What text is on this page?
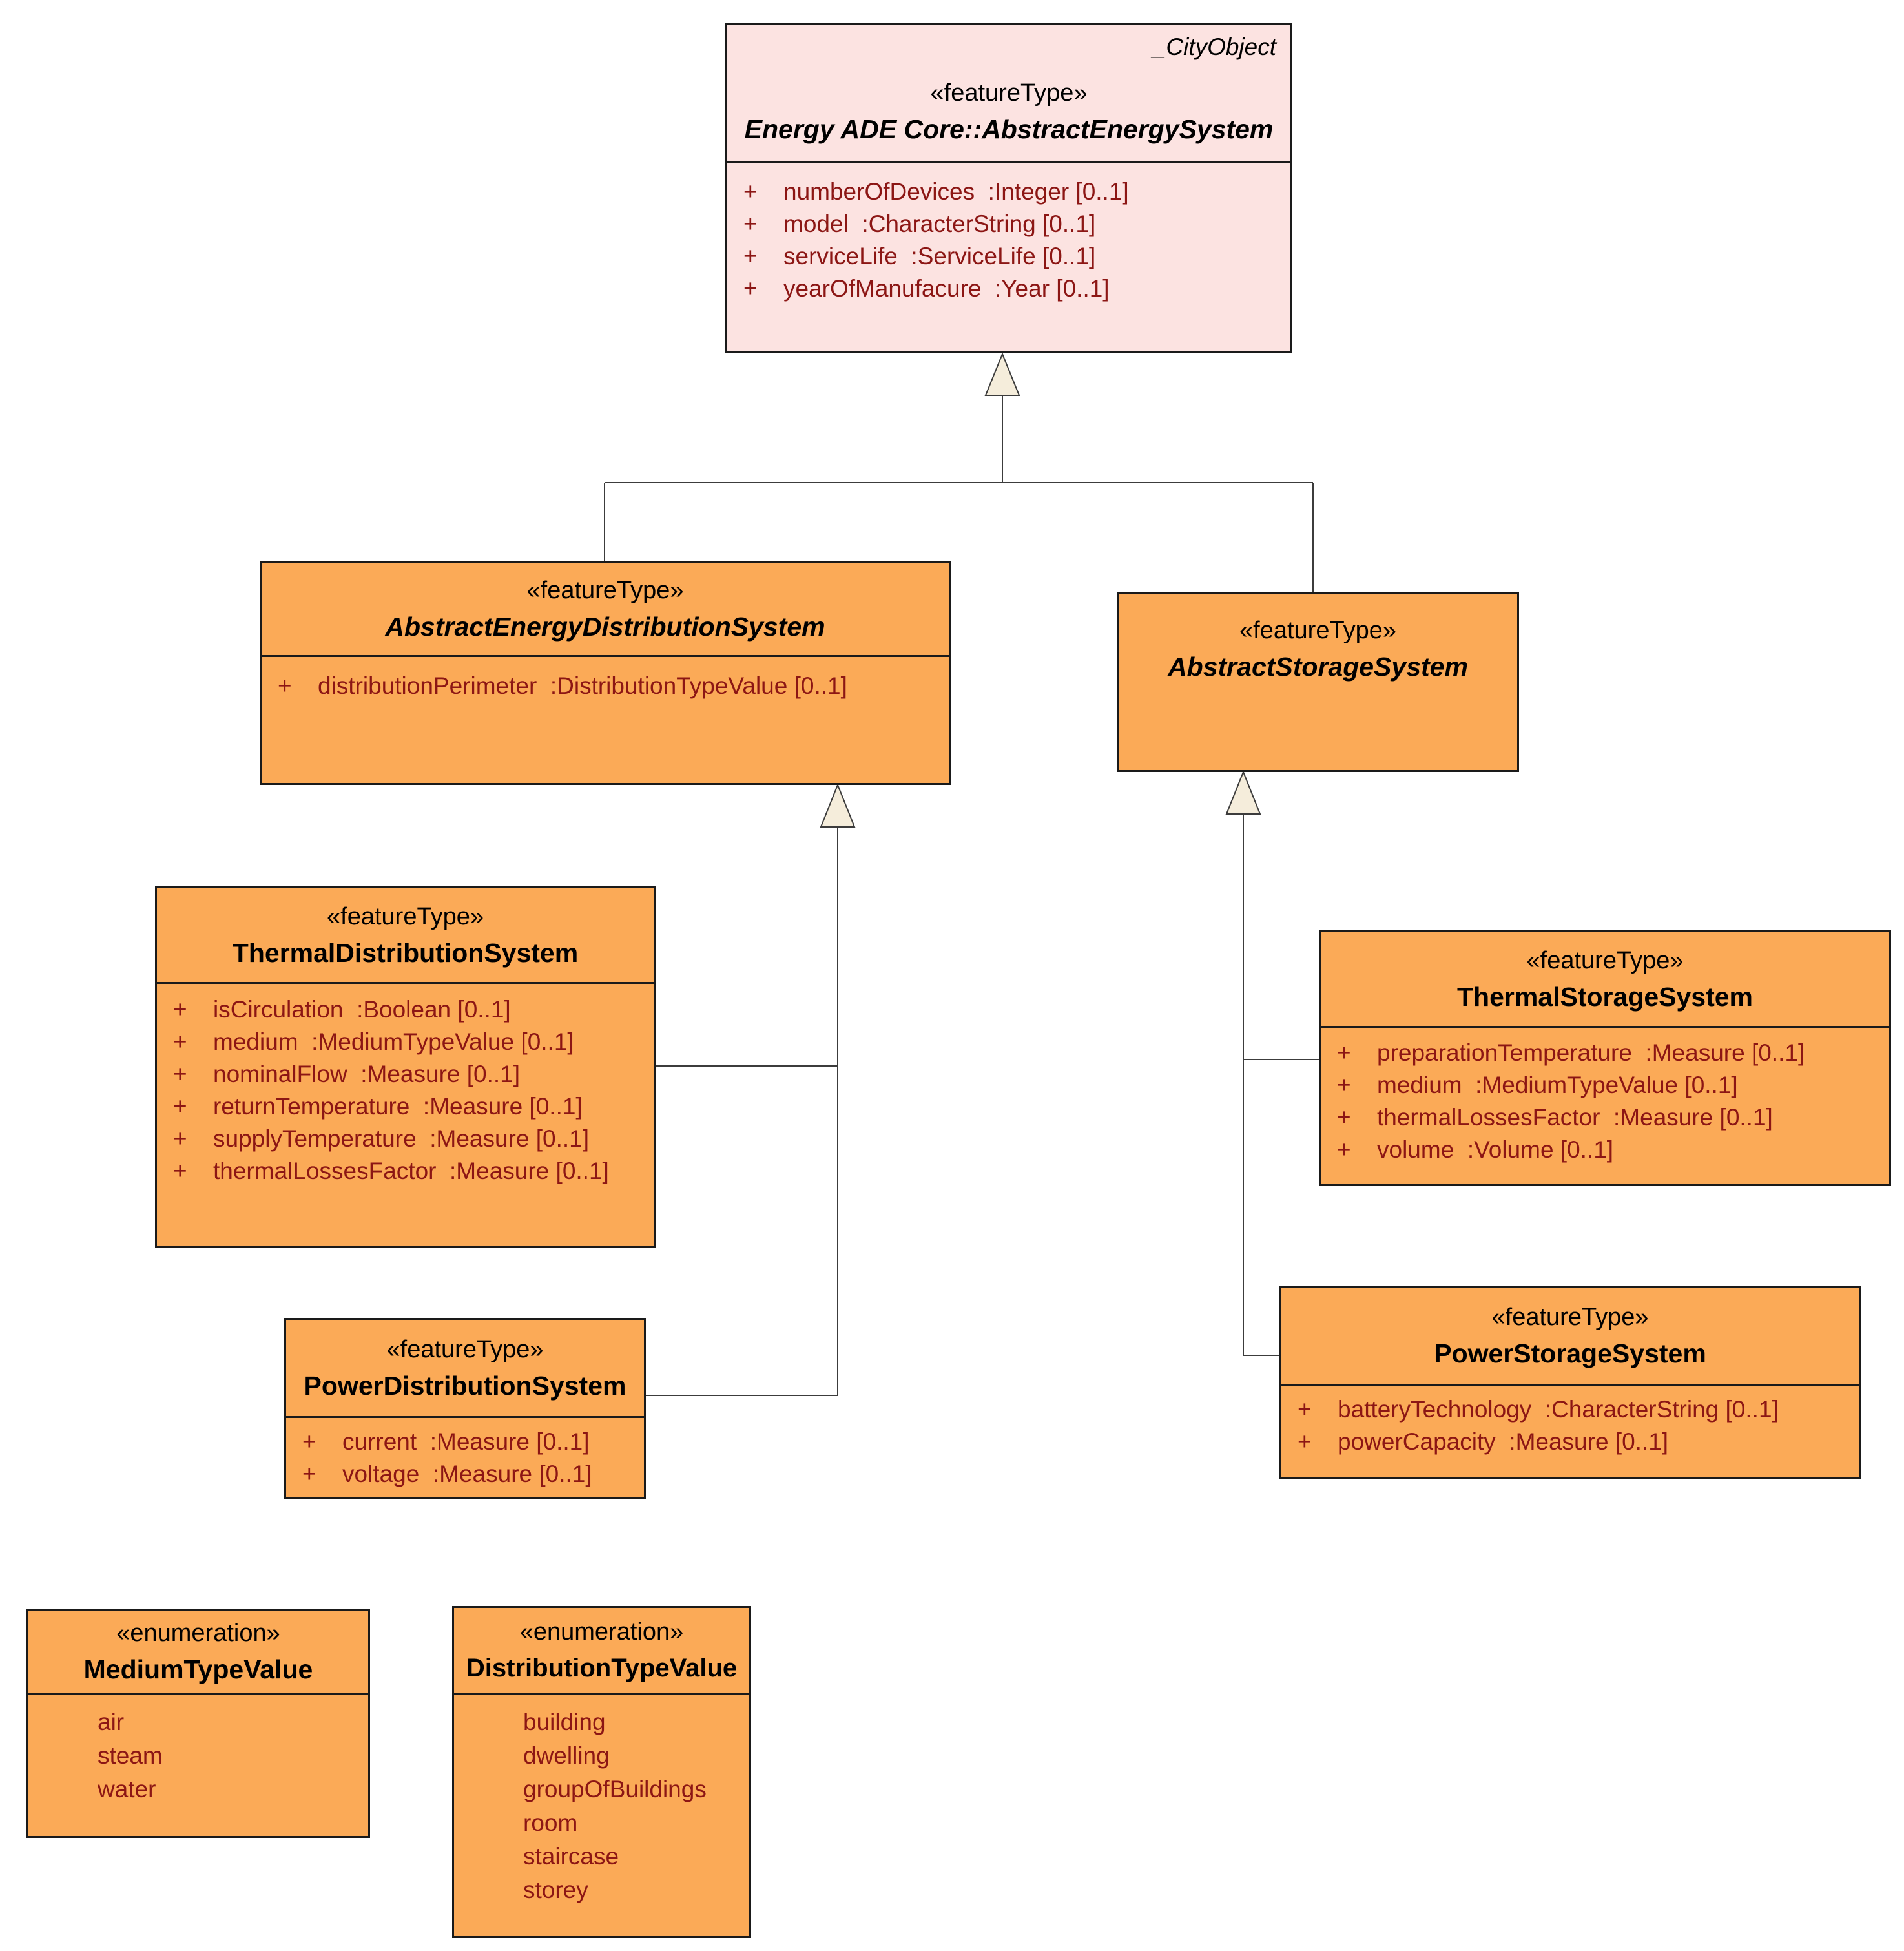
_CityObject
«featureType»
Energy ADE Core::AbstractEnergySystem
+	numberOfDevices  :Integer [0..1]
+	model  :CharacterString [0..1]
+	serviceLife  :ServiceLife [0..1]
+	yearOfManufacure  :Year [0..1]
«featureType»
AbstractEnergyDistributionSystem
+	distributionPerimeter  :DistributionTypeValue [0..1]
«featureType»
AbstractStorageSystem
«featureType»
ThermalDistributionSystem
+	isCirculation  :Boolean [0..1]
+	medium  :MediumTypeValue [0..1]
+	nominalFlow  :Measure [0..1]
+	returnTemperature  :Measure [0..1]
+	supplyTemperature  :Measure [0..1]
+	thermalLossesFactor  :Measure [0..1]
«featureType»
PowerDistributionSystem
+	current  :Measure [0..1]
+	voltage  :Measure [0..1]
«featureType»
ThermalStorageSystem
+	preparationTemperature  :Measure [0..1]
+	medium  :MediumTypeValue [0..1]
+	thermalLossesFactor  :Measure [0..1]
+	volume  :Volume [0..1]
«featureType»
PowerStorageSystem
+	batteryTechnology  :CharacterString [0..1]
+	powerCapacity  :Measure [0..1]
«enumeration»
MediumTypeValue
air
steam
water
«enumeration»
DistributionTypeValue
building
dwelling
groupOfBuildings
room
staircase
storey
